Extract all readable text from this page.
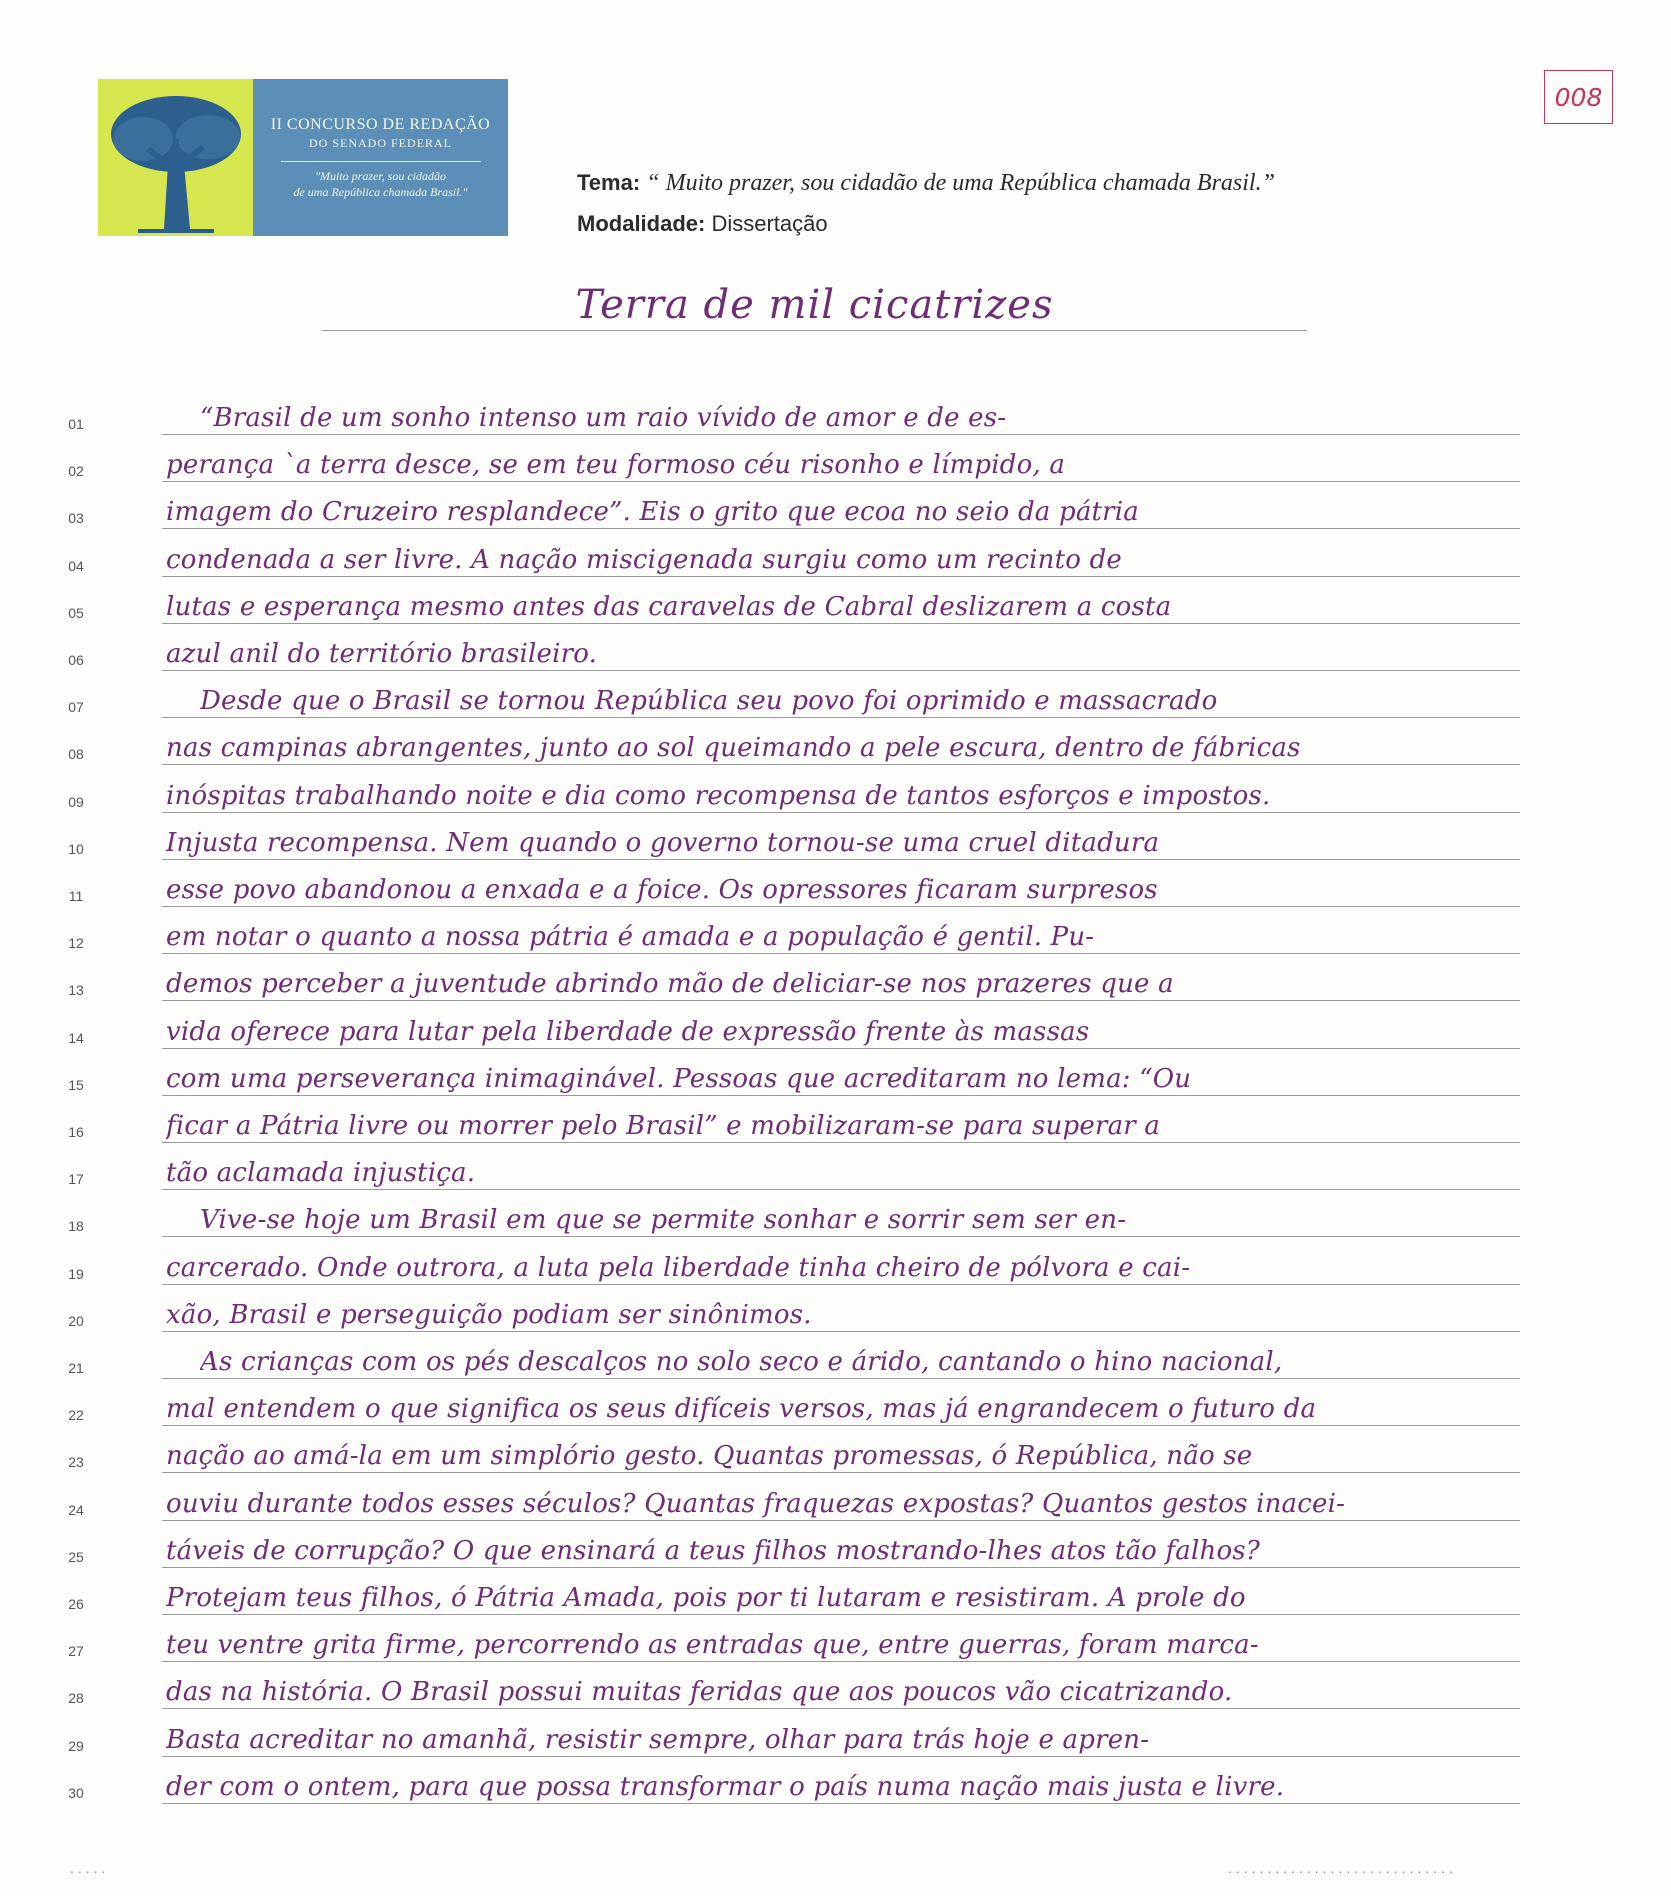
II CONCURSO DE REDAÇÃO
DO SENADO FEDERAL
"Muito prazer, sou cidadão
de uma República chamada Brasil."
008
Tema: “ Muito prazer, sou cidadão de uma República chamada Brasil.”
Modalidade: Dissertação
Terra de mil cicatrizes
01	“Brasil de um sonho intenso um raio vívido de amor e de es-
02	perança `a terra desce, se em teu formoso céu risonho e límpido, a
03	imagem do Cruzeiro resplandece”. Eis o grito que ecoa no seio da pátria
04	condenada a ser livre. A nação miscigenada surgiu como um recinto de
05	lutas e esperança mesmo antes das caravelas de Cabral deslizarem a costa
06	azul anil do território brasileiro.
07	Desde que o Brasil se tornou República seu povo foi oprimido e massacrado
08	nas campinas abrangentes, junto ao sol queimando a pele escura, dentro de fábricas
09	inóspitas trabalhando noite e dia como recompensa de tantos esforços e impostos.
10	Injusta recompensa. Nem quando o governo tornou-se uma cruel ditadura
11	esse povo abandonou a enxada e a foice. Os opressores ficaram surpresos
12	em notar o quanto a nossa pátria é amada e a população é gentil. Pu-
13	demos perceber a juventude abrindo mão de deliciar-se nos prazeres que a
14	vida oferece para lutar pela liberdade de expressão frente às massas
15	com uma perseverança inimaginável. Pessoas que acreditaram no lema: “Ou
16	ficar a Pátria livre ou morrer pelo Brasil” e mobilizaram-se para superar a
17	tão aclamada injustiça.
18	Vive-se hoje um Brasil em que se permite sonhar e sorrir sem ser en-
19	carcerado. Onde outrora, a luta pela liberdade tinha cheiro de pólvora e cai-
20	xão, Brasil e perseguição podiam ser sinônimos.
21	As crianças com os pés descalços no solo seco e árido, cantando o hino nacional,
22	mal entendem o que significa os seus difíceis versos, mas já engrandecem o futuro da
23	nação ao amá-la em um simplório gesto. Quantas promessas, ó República, não se
24	ouviu durante todos esses séculos? Quantas fraquezas expostas? Quantos gestos inacei-
25	táveis de corrupção? O que ensinará a teus filhos mostrando-lhes atos tão falhos?
26	Protejam teus filhos, ó Pátria Amada, pois por ti lutaram e resistiram. A prole do
27	teu ventre grita firme, percorrendo as entradas que, entre guerras, foram marca-
28	das na história. O Brasil possui muitas feridas que aos poucos vão cicatrizando.
29	Basta acreditar no amanhã, resistir sempre, olhar para trás hoje e apren-
30	der com o ontem, para que possa transformar o país numa nação mais justa e livre.
.....	.............................
